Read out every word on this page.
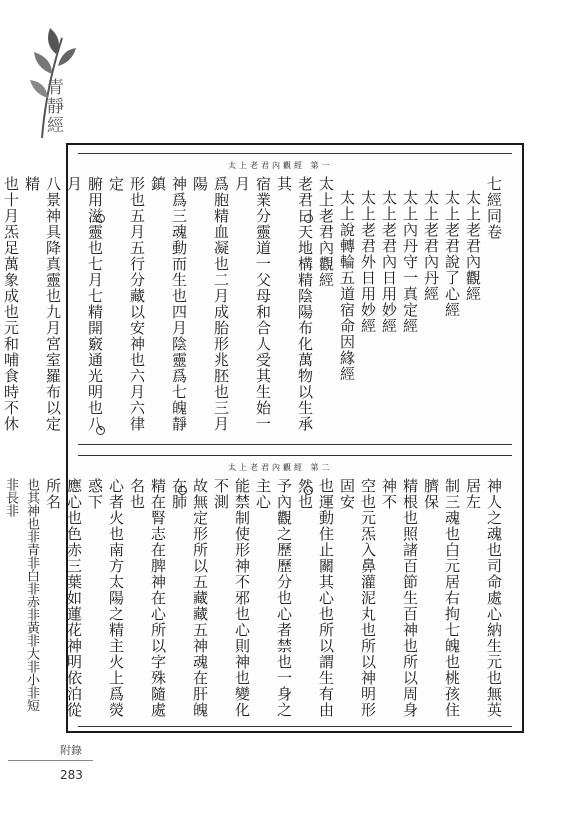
青靜經
太上老君內觀經 第一
七經同卷
太上老君內觀經
太上老君說了心經
太上老君內丹經
太上內丹守一真定經
太上老君內日用妙經
太上老君外日用妙經
太上說轉輪五道宿命因緣經
太上老君內觀經
老君曰天地構精陰陽布化萬物以生承其
宿業分靈道一父母和合人受其生始一月
爲胞精血凝也二月成胎形兆胚也三月陽
神爲三魂動而生也四月陰靈爲七魄靜鎮
形也五月五行分藏以安神也六月六律定
腑用滋靈也七月七精開竅通光明也八月
八景神具降真靈也九月宮室羅布以定精
也十月炁足萬象成也元和哺食時不休
太上老君內觀經 第二
神人之魂也司命處心納生元也無英居左
制三魂也白元居右拘七魄也桃孩住臍保
精根也照諸百節生百神也所以周身神不
空也元炁入鼻灌泥丸也所以神明形固安
也運動住止關其心也所以謂生有由然也
予內觀之歷歷分也心者禁也一身之主心
能禁制使形神不邪也心則神也變化不測
故無定形所以五藏藏五神魂在肝魄在肺
精在腎志在脾神在心所以字殊隨處名也
心者火也南方太陽之精主火上爲熒惑下
應心也色赤三葉如蓮花神明依泊從所名
也其神也非青非白非赤非黃非大非小非短非長非
附錄
283
